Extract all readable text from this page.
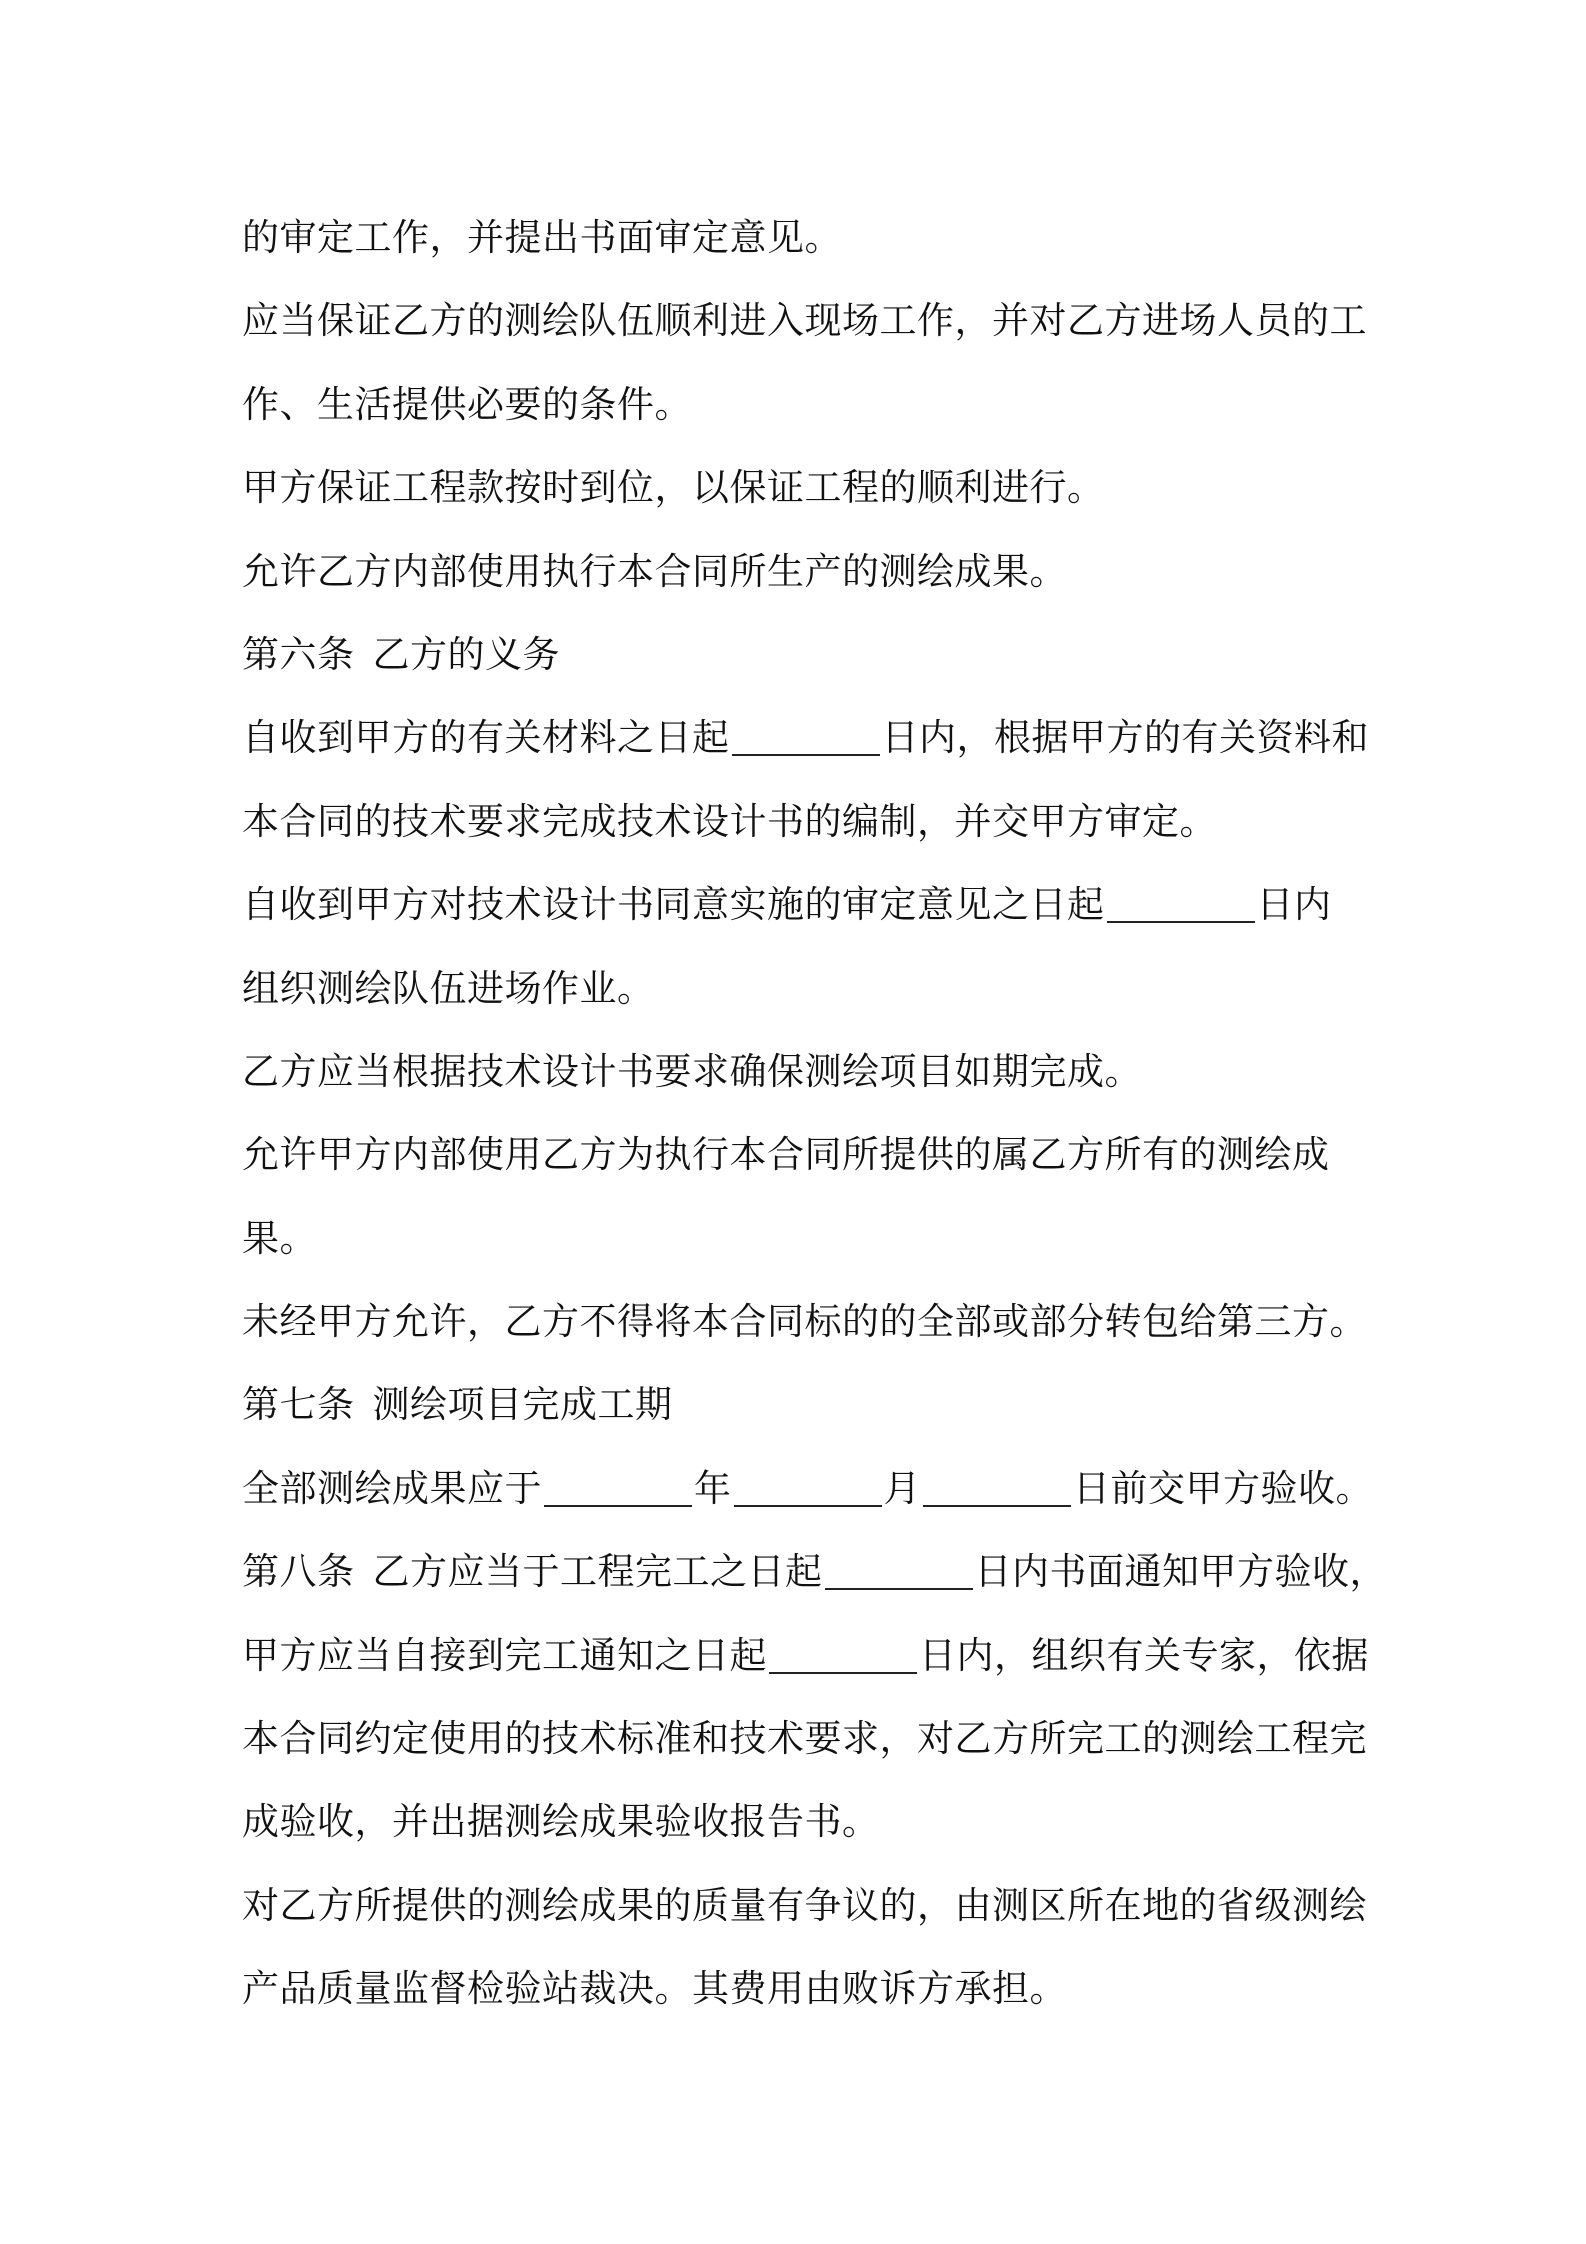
的审定工作，并提出书面审定意见。
应当保证乙方的测绘队伍顺利进入现场工作，并对乙方进场人员的工
作、生活提供必要的条件。
甲方保证工程款按时到位，以保证工程的顺利进行。
允许乙方内部使用执行本合同所生产的测绘成果。
第六条 乙方的义务
自收到甲方的有关材料之日起	日内，根据甲方的有关资料和
本合同的技术要求完成技术设计书的编制，并交甲方审定。
自收到甲方对技术设计书同意实施的审定意见之日起	日内
组织测绘队伍进场作业。
乙方应当根据技术设计书要求确保测绘项目如期完成。
允许甲方内部使用乙方为执行本合同所提供的属乙方所有的测绘成
果。
未经甲方允许，乙方不得将本合同标的的全部或部分转包给第三方。
第七条 测绘项目完成工期
全部测绘成果应于	年	月	日前交甲方验收。
第八条 乙方应当于工程完工之日起	日内书面通知甲方验收，
甲方应当自接到完工通知之日起	日内，组织有关专家，依据
本合同约定使用的技术标准和技术要求，对乙方所完工的测绘工程完
成验收，并出据测绘成果验收报告书。
对乙方所提供的测绘成果的质量有争议的，由测区所在地的省级测绘
产品质量监督检验站裁决。其费用由败诉方承担。
